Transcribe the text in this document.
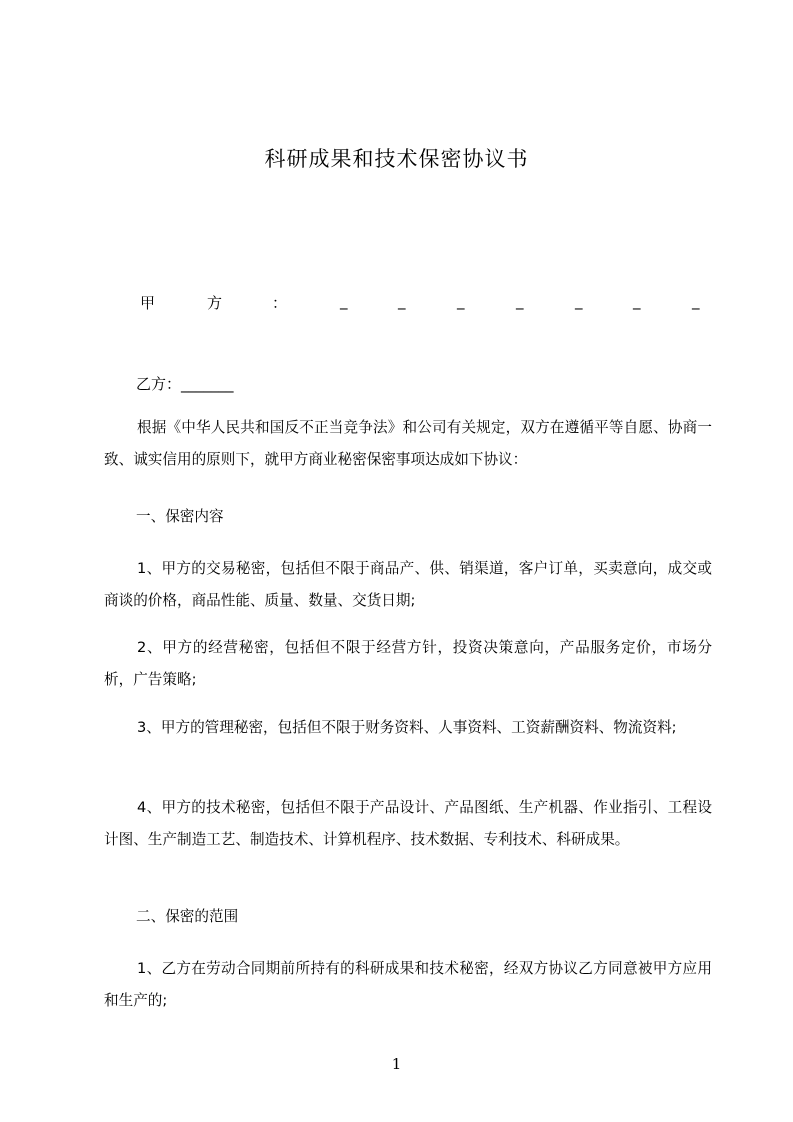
科研成果和技术保密协议书
甲	方	：	_	_	_	_	_	_	_
乙方：_______

根据《中华人民共和国反不正当竞争法》和公司有关规定，双方在遵循平等自愿、协商一致、诚实信用的原则下，就甲方商业秘密保密事项达成如下协议：

一、保密内容

1、甲方的交易秘密，包括但不限于商品产、供、销渠道，客户订单，买卖意向，成交或商谈的价格，商品性能、质量、数量、交货日期;

2、甲方的经营秘密，包括但不限于经营方针，投资决策意向，产品服务定价，市场分析，广告策略;

3、甲方的管理秘密，包括但不限于财务资料、人事资料、工资薪酬资料、物流资料;

4、甲方的技术秘密，包括但不限于产品设计、产品图纸、生产机器、作业指引、工程设计图、生产制造工艺、制造技术、计算机程序、技术数据、专利技术、科研成果。

二、保密的范围

1、乙方在劳动合同期前所持有的科研成果和技术秘密，经双方协议乙方同意被甲方应用和生产的;

1
